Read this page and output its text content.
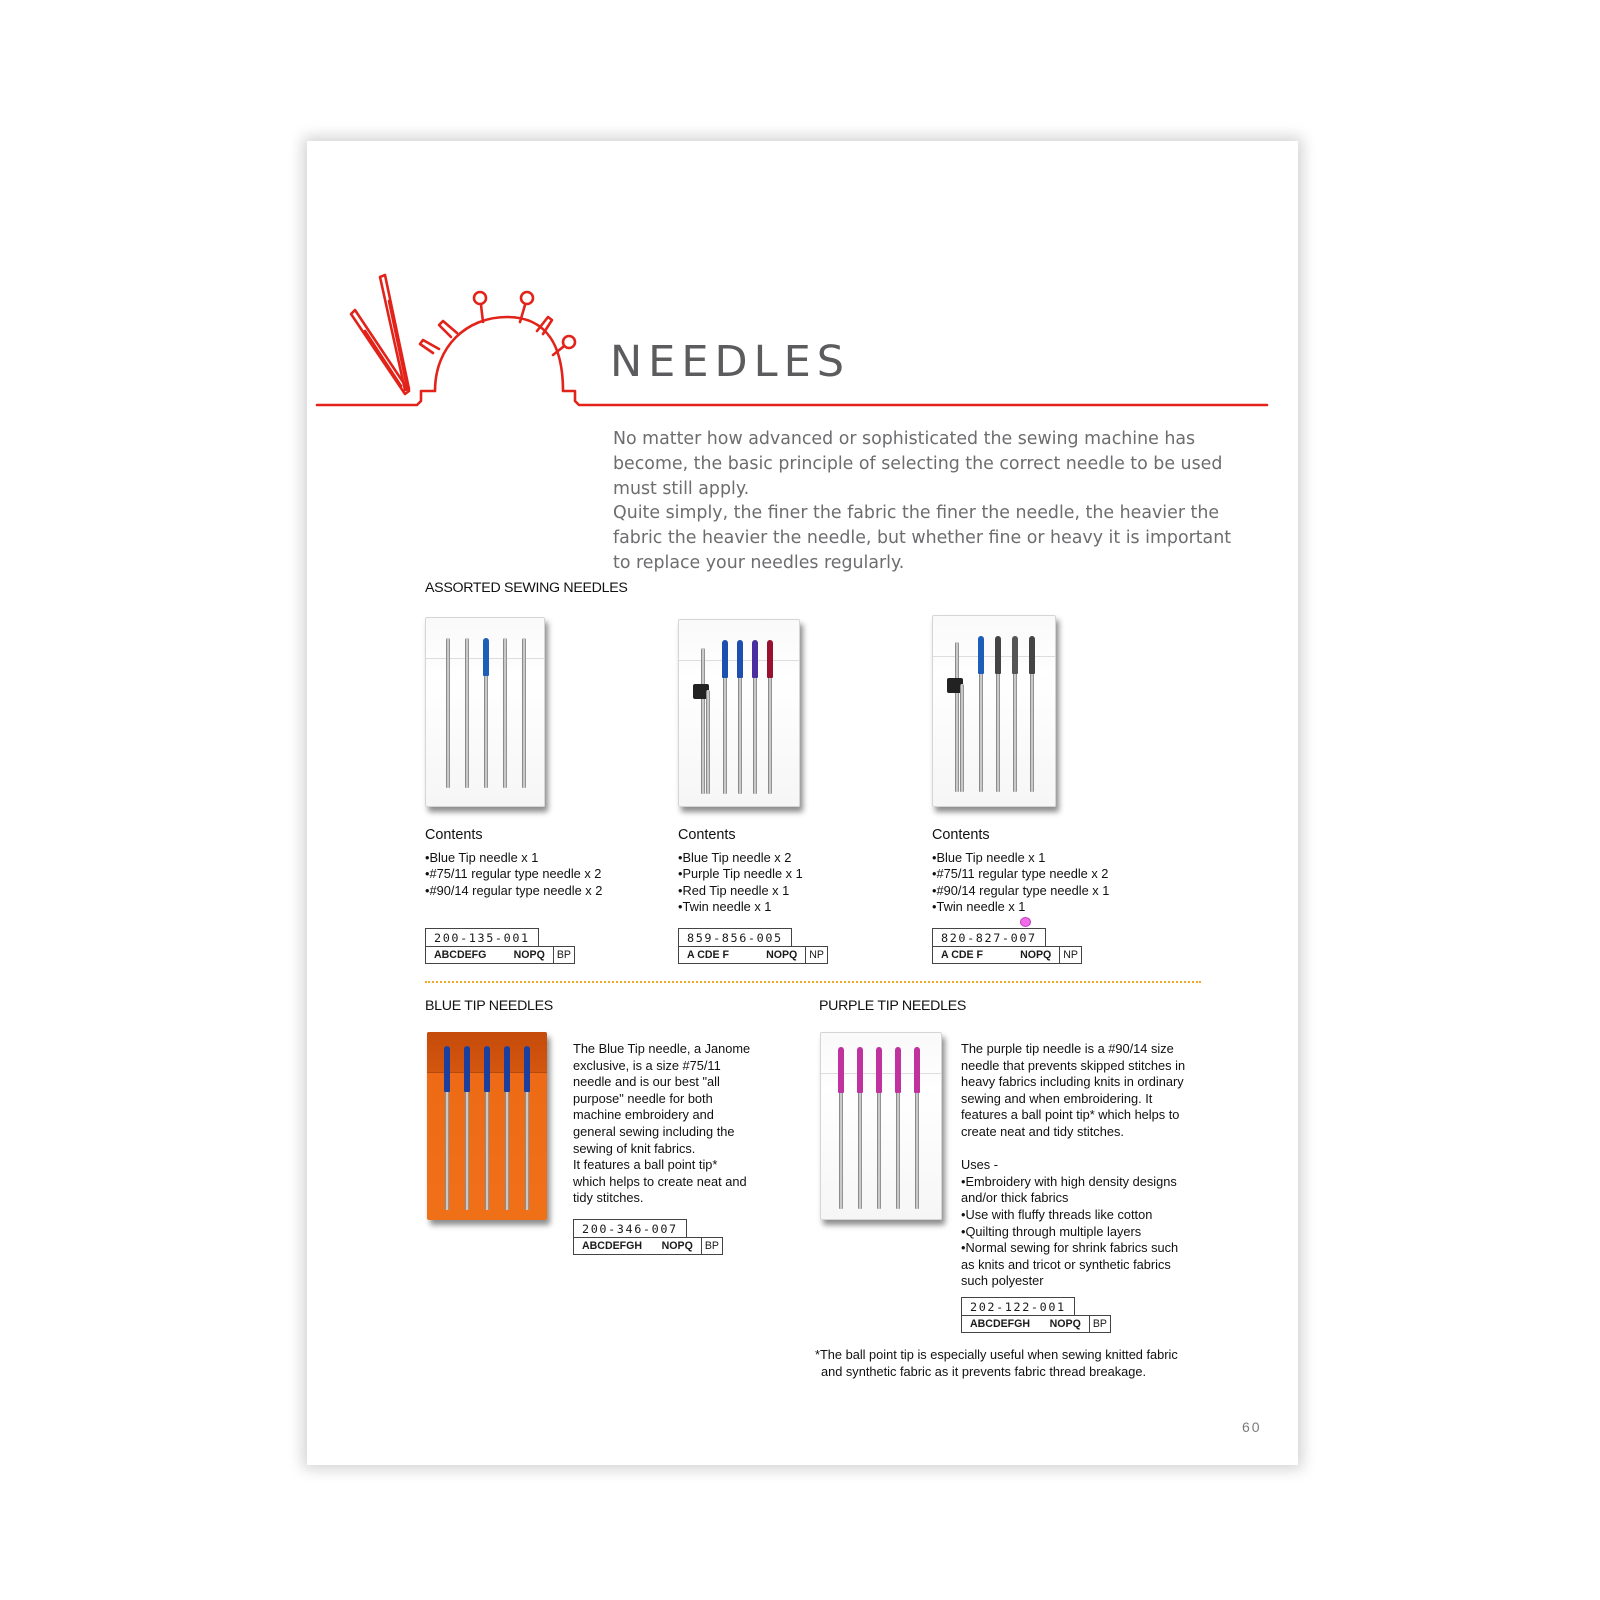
NEEDLES

No matter how advanced or sophisticated the sewing machine has become, the basic principle of selecting the correct needle to be used must still apply.

Quite simply, the finer the fabric the finer the needle, the heavier the fabric the heavier the needle, but whether fine or heavy it is important to replace your needles regularly.

ASSORTED SEWING NEEDLES
Contents
•Blue Tip needle x 1
•#75/11 regular type needle x 2
•#90/14 regular type needle x 2
200-135-001
ABCDEFG	NOPQ	BP
Contents
•Blue Tip needle x 2
•Purple Tip needle x 1
•Red Tip needle x 1
•Twin needle x 1
859-856-005
A CDE F	NOPQ	NP
Contents
•Blue Tip needle x 1
•#75/11 regular type needle x 2
•#90/14 regular type needle x 1
•Twin needle x 1
820-827-007
A CDE F	NOPQ	NP
BLUE TIP NEEDLES

The Blue Tip needle, a Janome

exclusive, is a size #75/11

needle and is our best "all

purpose" needle for both

machine embroidery and

general sewing including the

sewing of knit fabrics.

It features a ball point tip*

which helps to create neat and

tidy stitches.

200-346-007
ABCDEFGH NOPQ	BP
PURPLE TIP NEEDLES

The purple tip needle is a #90/14 size

needle that prevents skipped stitches in

heavy fabrics including knits in ordinary

sewing and when embroidering. It

features a ball point tip* which helps to

create neat and tidy stitches.

Uses -

•Embroidery with high density designs

and/or thick fabrics

•Use with fluffy threads like cotton

•Quilting through multiple layers

•Normal sewing for shrink fabrics such

as knits and tricot or synthetic fabrics

such polyester

202-122-001
ABCDEFGH NOPQ	BP
*The ball point tip is especially useful when sewing knitted fabric
and synthetic fabric as it prevents fabric thread breakage.
60
